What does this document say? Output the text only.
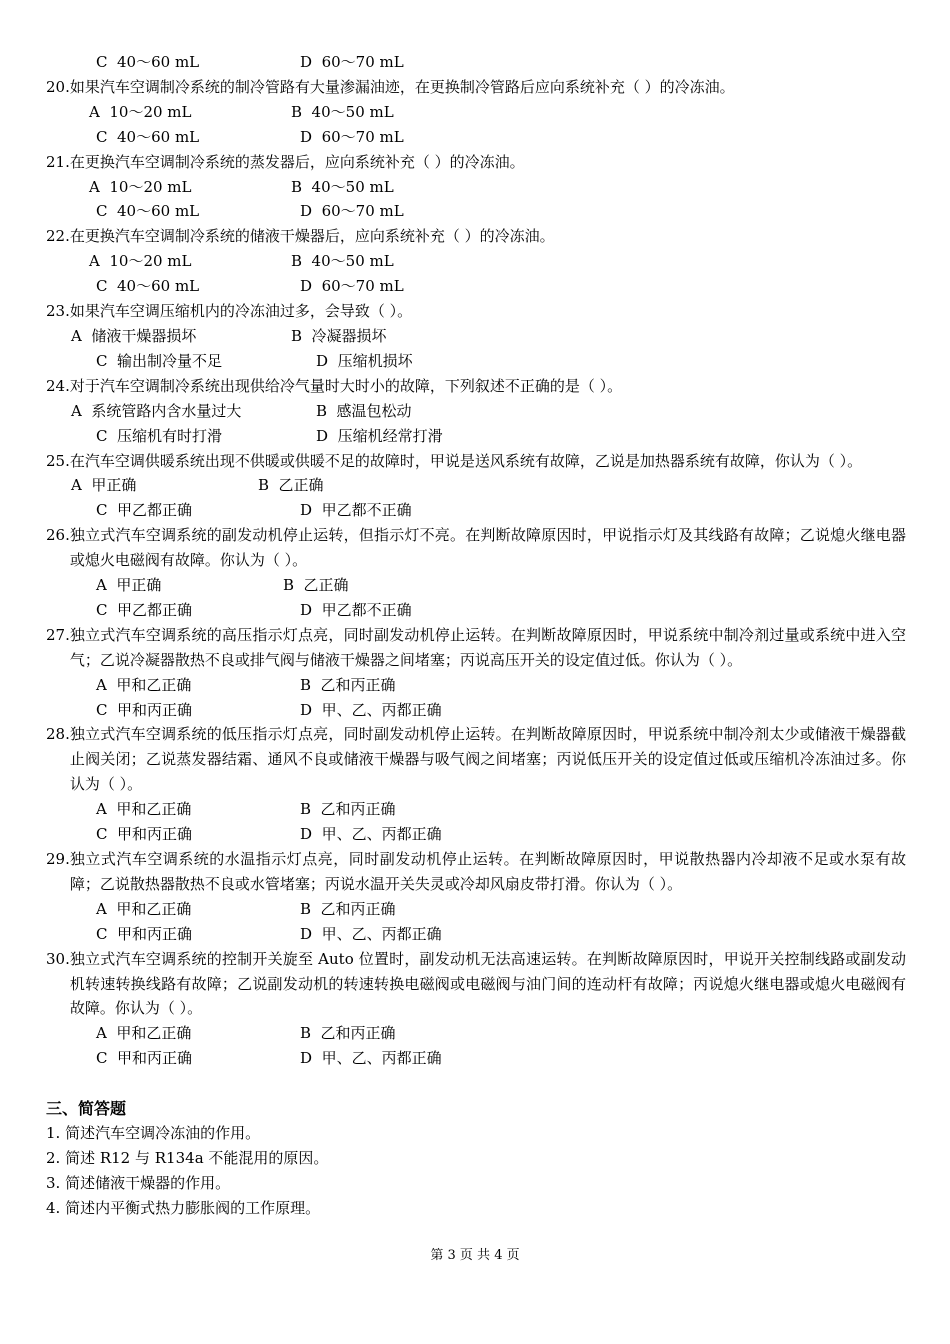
C  40～60 mL	D  60～70 mL
20. 如果汽车空调制冷系统的制冷管路有大量渗漏油迹，在更换制冷管路后应向系统补充（ ）的冷冻油。
A  10～20 mL	B  40～50 mL
C  40～60 mL	D  60～70 mL
21. 在更换汽车空调制冷系统的蒸发器后，应向系统补充（ ）的冷冻油。
A  10～20 mL	B  40～50 mL
C  40～60 mL	D  60～70 mL
22. 在更换汽车空调制冷系统的储液干燥器后，应向系统补充（ ）的冷冻油。
A  10～20 mL	B  40～50 mL
C  40～60 mL	D  60～70 mL
23. 如果汽车空调压缩机内的冷冻油过多，会导致（ ）。
A  储液干燥器损坏	B  冷凝器损坏
C  输出制冷量不足	D  压缩机损坏
24. 对于汽车空调制冷系统出现供给冷气量时大时小的故障，下列叙述不正确的是（ ）。
A  系统管路内含水量过大	B  感温包松动
C  压缩机有时打滑	D  压缩机经常打滑
25. 在汽车空调供暖系统出现不供暖或供暖不足的故障时，甲说是送风系统有故障，乙说是加热器系统有故障，你认为（ ）。
A  甲正确	B  乙正确
C  甲乙都正确	D  甲乙都不正确
26. 独立式汽车空调系统的副发动机停止运转，但指示灯不亮。在判断故障原因时，甲说指示灯及其线路有故障；乙说熄火继电器或熄火电磁阀有故障。你认为（ ）。
A  甲正确	B  乙正确
C  甲乙都正确	D  甲乙都不正确
27. 独立式汽车空调系统的高压指示灯点亮，同时副发动机停止运转。在判断故障原因时，甲说系统中制冷剂过量或系统中进入空气；乙说冷凝器散热不良或排气阀与储液干燥器之间堵塞；丙说高压开关的设定值过低。你认为（ ）。
A  甲和乙正确	B  乙和丙正确
C  甲和丙正确	D  甲、乙、丙都正确
28. 独立式汽车空调系统的低压指示灯点亮，同时副发动机停止运转。在判断故障原因时，甲说系统中制冷剂太少或储液干燥器截止阀关闭；乙说蒸发器结霜、通风不良或储液干燥器与吸气阀之间堵塞；丙说低压开关的设定值过低或压缩机冷冻油过多。你认为（ ）。
A  甲和乙正确	B  乙和丙正确
C  甲和丙正确	D  甲、乙、丙都正确
29. 独立式汽车空调系统的水温指示灯点亮，同时副发动机停止运转。在判断故障原因时，甲说散热器内冷却液不足或水泵有故障；乙说散热器散热不良或水管堵塞；丙说水温开关失灵或冷却风扇皮带打滑。你认为（ ）。
A  甲和乙正确	B  乙和丙正确
C  甲和丙正确	D  甲、乙、丙都正确
30. 独立式汽车空调系统的控制开关旋至 Auto 位置时，副发动机无法高速运转。在判断故障原因时，甲说开关控制线路或副发动机转速转换线路有故障；乙说副发动机的转速转换电磁阀或电磁阀与油门间的连动杆有故障；丙说熄火继电器或熄火电磁阀有故障。你认为（ ）。
A  甲和乙正确	B  乙和丙正确
C  甲和丙正确	D  甲、乙、丙都正确
三、简答题
1. 简述汽车空调冷冻油的作用。
2. 简述 R12 与 R134a 不能混用的原因。
3. 简述储液干燥器的作用。
4. 简述内平衡式热力膨胀阀的工作原理。
第 3 页 共 4 页
